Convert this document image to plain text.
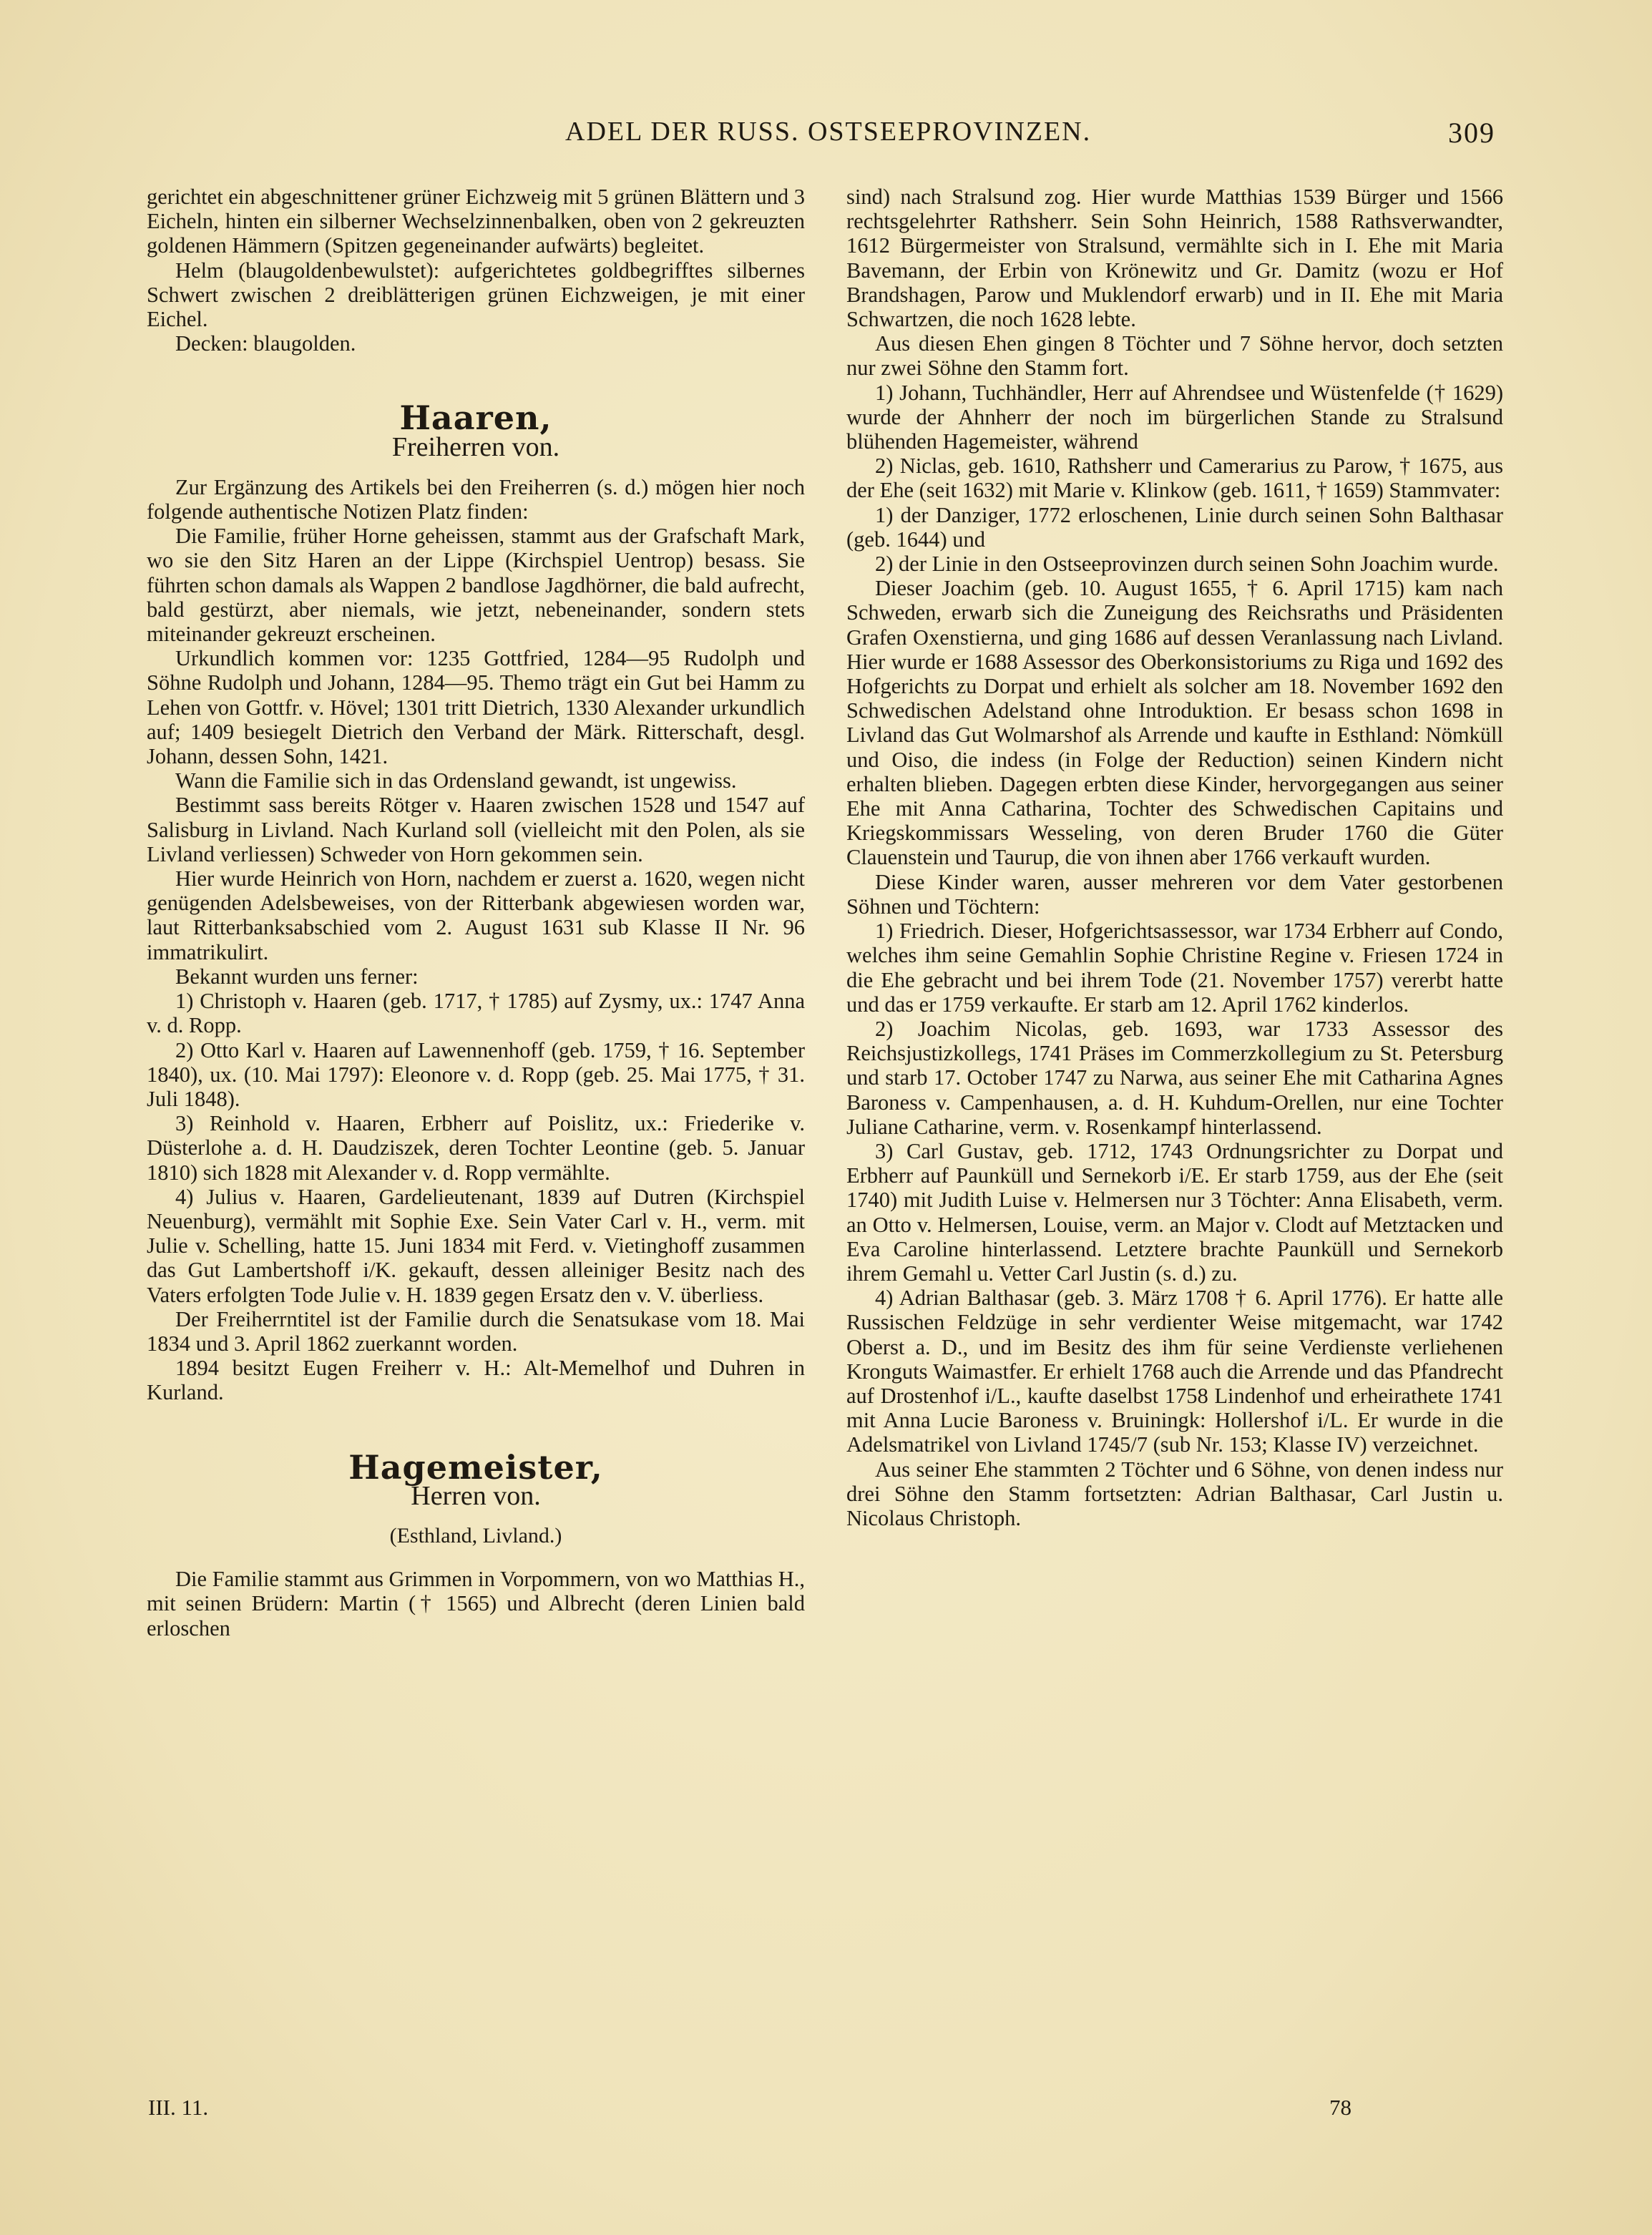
ADEL DER RUSS. OSTSEEPROVINZEN.	309

gerichtet ein abgeschnittener grüner Eichzweig mit 5 grünen Blättern und 3 Eicheln, hinten ein silberner Wechselzinnenbalken, oben von 2 gekreuzten goldenen Hämmern (Spitzen gegeneinander aufwärts) begleitet.

Helm (blaugoldenbewulstet): aufgerichtetes goldbegrifftes silbernes Schwert zwischen 2 dreiblätterigen grünen Eichzweigen, je mit einer Eichel.

Decken: blaugolden.

Haaren,
Freiherren von.

Zur Ergänzung des Artikels bei den Freiherren (s. d.) mögen hier noch folgende authentische Notizen Platz finden:

Die Familie, früher Horne geheissen, stammt aus der Grafschaft Mark, wo sie den Sitz Haren an der Lippe (Kirchspiel Uentrop) besass. Sie führten schon damals als Wappen 2 bandlose Jagdhörner, die bald aufrecht, bald gestürzt, aber niemals, wie jetzt, nebeneinander, sondern stets miteinander gekreuzt erscheinen.

Urkundlich kommen vor: 1235 Gottfried, 1284—95 Rudolph und Söhne Rudolph und Johann, 1284—95. Themo trägt ein Gut bei Hamm zu Lehen von Gottfr. v. Hövel; 1301 tritt Dietrich, 1330 Alexander urkundlich auf; 1409 besiegelt Dietrich den Verband der Märk. Ritterschaft, desgl. Johann, dessen Sohn, 1421.

Wann die Familie sich in das Ordensland gewandt, ist ungewiss.

Bestimmt sass bereits Rötger v. Haaren zwischen 1528 und 1547 auf Salisburg in Livland. Nach Kurland soll (vielleicht mit den Polen, als sie Livland verliessen) Schweder von Horn gekommen sein.

Hier wurde Heinrich von Horn, nachdem er zuerst a. 1620, wegen nicht genügenden Adelsbeweises, von der Ritterbank abgewiesen worden war, laut Ritterbanksabschied vom 2. August 1631 sub Klasse II Nr. 96 immatrikulirt.

Bekannt wurden uns ferner:

1) Christoph v. Haaren (geb. 1717, † 1785) auf Zysmy, ux.: 1747 Anna v. d. Ropp.

2) Otto Karl v. Haaren auf Lawennenhoff (geb. 1759, † 16. September 1840), ux. (10. Mai 1797): Eleonore v. d. Ropp (geb. 25. Mai 1775, † 31. Juli 1848).

3) Reinhold v. Haaren, Erbherr auf Poislitz, ux.: Friederike v. Düsterlohe a. d. H. Daudziszek, deren Tochter Leontine (geb. 5. Januar 1810) sich 1828 mit Alexander v. d. Ropp vermählte.

4) Julius v. Haaren, Gardelieutenant, 1839 auf Dutren (Kirchspiel Neuenburg), vermählt mit Sophie Exe. Sein Vater Carl v. H., verm. mit Julie v. Schelling, hatte 15. Juni 1834 mit Ferd. v. Vietinghoff zusammen das Gut Lambertshoff i/K. gekauft, dessen alleiniger Besitz nach des Vaters erfolgten Tode Julie v. H. 1839 gegen Ersatz den v. V. überliess.

Der Freiherrntitel ist der Familie durch die Senatsukase vom 18. Mai 1834 und 3. April 1862 zuerkannt worden.

1894 besitzt Eugen Freiherr v. H.: Alt-Memelhof und Duhren in Kurland.

Hagemeister,
Herren von.
(Esthland, Livland.)

Die Familie stammt aus Grimmen in Vorpommern, von wo Matthias H., mit seinen Brüdern: Martin († 1565) und Albrecht (deren Linien bald erloschen

sind) nach Stralsund zog. Hier wurde Matthias 1539 Bürger und 1566 rechtsgelehrter Rathsherr. Sein Sohn Heinrich, 1588 Rathsverwandter, 1612 Bürgermeister von Stralsund, vermählte sich in I. Ehe mit Maria Bavemann, der Erbin von Krönewitz und Gr. Damitz (wozu er Hof Brandshagen, Parow und Muklendorf erwarb) und in II. Ehe mit Maria Schwartzen, die noch 1628 lebte.

Aus diesen Ehen gingen 8 Töchter und 7 Söhne hervor, doch setzten nur zwei Söhne den Stamm fort.

1) Johann, Tuchhändler, Herr auf Ahrendsee und Wüstenfelde († 1629) wurde der Ahnherr der noch im bürgerlichen Stande zu Stralsund blühenden Hagemeister, während

2) Niclas, geb. 1610, Rathsherr und Camerarius zu Parow, † 1675, aus der Ehe (seit 1632) mit Marie v. Klinkow (geb. 1611, † 1659) Stammvater:

1) der Danziger, 1772 erloschenen, Linie durch seinen Sohn Balthasar (geb. 1644) und

2) der Linie in den Ostseeprovinzen durch seinen Sohn Joachim wurde.

Dieser Joachim (geb. 10. August 1655, † 6. April 1715) kam nach Schweden, erwarb sich die Zuneigung des Reichsraths und Präsidenten Grafen Oxenstierna, und ging 1686 auf dessen Veranlassung nach Livland. Hier wurde er 1688 Assessor des Oberkonsistoriums zu Riga und 1692 des Hofgerichts zu Dorpat und erhielt als solcher am 18. November 1692 den Schwedischen Adelstand ohne Introduktion. Er besass schon 1698 in Livland das Gut Wolmarshof als Arrende und kaufte in Esthland: Nömküll und Oiso, die indess (in Folge der Reduction) seinen Kindern nicht erhalten blieben. Dagegen erbten diese Kinder, hervorgegangen aus seiner Ehe mit Anna Catharina, Tochter des Schwedischen Capitains und Kriegskommissars Wesseling, von deren Bruder 1760 die Güter Clauenstein und Taurup, die von ihnen aber 1766 verkauft wurden.

Diese Kinder waren, ausser mehreren vor dem Vater gestorbenen Söhnen und Töchtern:

1) Friedrich. Dieser, Hofgerichtsassessor, war 1734 Erbherr auf Condo, welches ihm seine Gemahlin Sophie Christine Regine v. Friesen 1724 in die Ehe gebracht und bei ihrem Tode (21. November 1757) vererbt hatte und das er 1759 verkaufte. Er starb am 12. April 1762 kinderlos.

2) Joachim Nicolas, geb. 1693, war 1733 Assessor des Reichsjustizkollegs, 1741 Präses im Commerzkollegium zu St. Petersburg und starb 17. October 1747 zu Narwa, aus seiner Ehe mit Catharina Agnes Baroness v. Campenhausen, a. d. H. Kuhdum-Orellen, nur eine Tochter Juliane Catharine, verm. v. Rosenkampf hinterlassend.

3) Carl Gustav, geb. 1712, 1743 Ordnungsrichter zu Dorpat und Erbherr auf Paunküll und Sernekorb i/E. Er starb 1759, aus der Ehe (seit 1740) mit Judith Luise v. Helmersen nur 3 Töchter: Anna Elisabeth, verm. an Otto v. Helmersen, Louise, verm. an Major v. Clodt auf Metztacken und Eva Caroline hinterlassend. Letztere brachte Paunküll und Sernekorb ihrem Gemahl u. Vetter Carl Justin (s. d.) zu.

4) Adrian Balthasar (geb. 3. März 1708 † 6. April 1776). Er hatte alle Russischen Feldzüge in sehr verdienter Weise mitgemacht, war 1742 Oberst a. D., und im Besitz des ihm für seine Verdienste verliehenen Kronguts Waimastfer. Er erhielt 1768 auch die Arrende und das Pfandrecht auf Drostenhof i/L., kaufte daselbst 1758 Lindenhof und erheirathete 1741 mit Anna Lucie Baroness v. Bruiningk: Hollershof i/L. Er wurde in die Adelsmatrikel von Livland 1745/7 (sub Nr. 153; Klasse IV) verzeichnet.

Aus seiner Ehe stammten 2 Töchter und 6 Söhne, von denen indess nur drei Söhne den Stamm fortsetzten: Adrian Balthasar, Carl Justin u. Nicolaus Christoph.

III. 11.	78
